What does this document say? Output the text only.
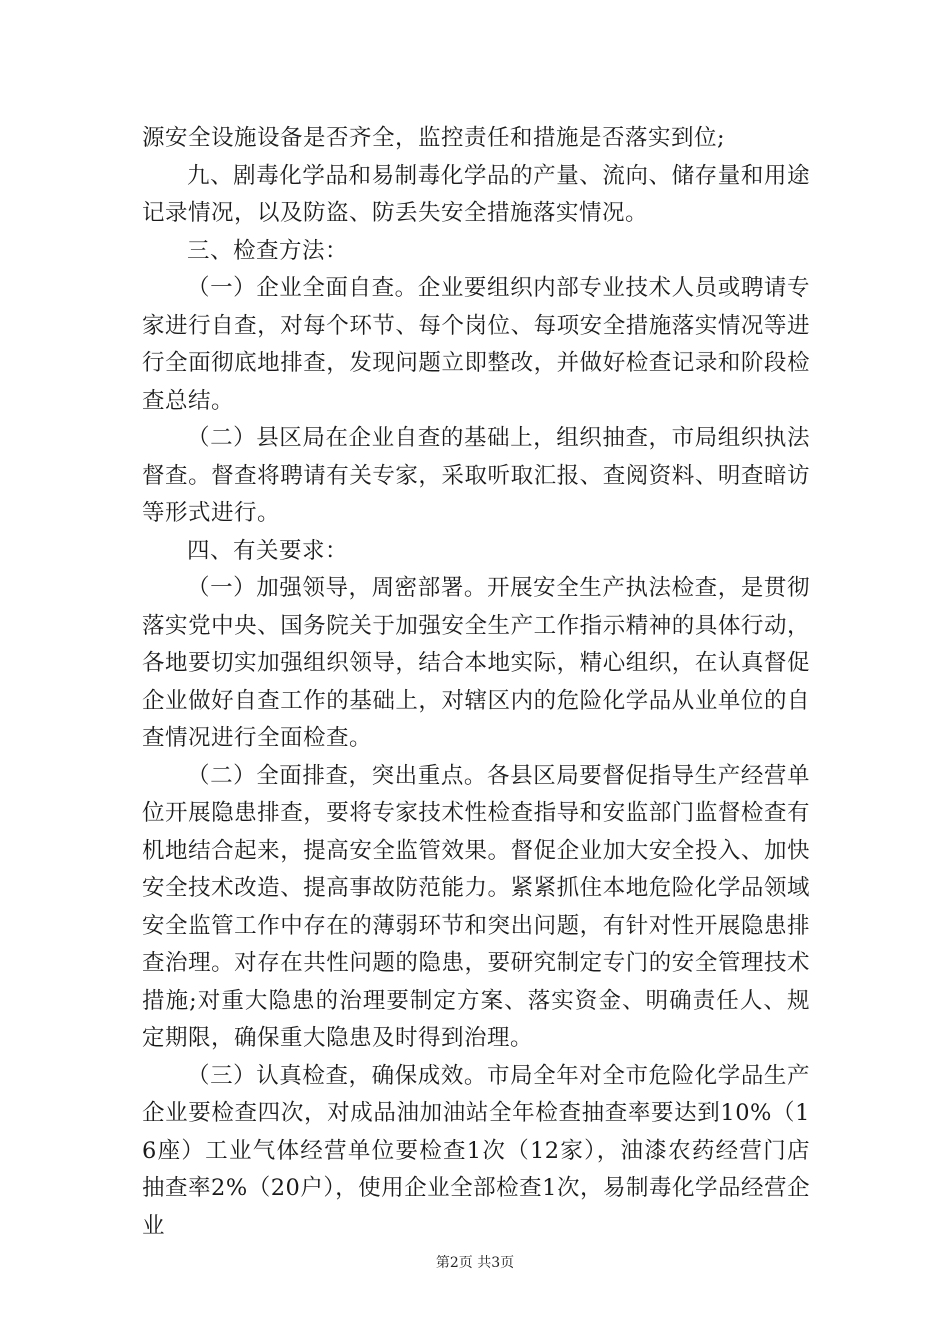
源安全设施设备是否齐全，监控责任和措施是否落实到位;

九、剧毒化学品和易制毒化学品的产量、流向、储存量和用途记录情况，以及防盗、防丢失安全措施落实情况。

三、检查方法：

（一）企业全面自查。企业要组织内部专业技术人员或聘请专家进行自查，对每个环节、每个岗位、每项安全措施落实情况等进行全面彻底地排查，发现问题立即整改，并做好检查记录和阶段检查总结。

（二）县区局在企业自查的基础上，组织抽查，市局组织执法督查。督查将聘请有关专家，采取听取汇报、查阅资料、明查暗访等形式进行。

四、有关要求：

（一）加强领导，周密部署。开展安全生产执法检查，是贯彻落实党中央、国务院关于加强安全生产工作指示精神的具体行动，各地要切实加强组织领导，结合本地实际，精心组织，在认真督促企业做好自查工作的基础上，对辖区内的危险化学品从业单位的自查情况进行全面检查。

（二）全面排查，突出重点。各县区局要督促指导生产经营单位开展隐患排查，要将专家技术性检查指导和安监部门监督检查有机地结合起来，提高安全监管效果。督促企业加大安全投入、加快安全技术改造、提高事故防范能力。紧紧抓住本地危险化学品领域安全监管工作中存在的薄弱环节和突出问题，有针对性开展隐患排查治理。对存在共性问题的隐患，要研究制定专门的安全管理技术措施;对重大隐患的治理要制定方案、落实资金、明确责任人、规定期限，确保重大隐患及时得到治理。

（三）认真检查，确保成效。市局全年对全市危险化学品生产企业要检查四次，对成品油加油站全年检查抽查率要达到10%（16座）工业气体经营单位要检查1次（12家），油漆农药经营门店抽查率2%（20户），使用企业全部检查1次，易制毒化学品经营企业

第2页 共3页
